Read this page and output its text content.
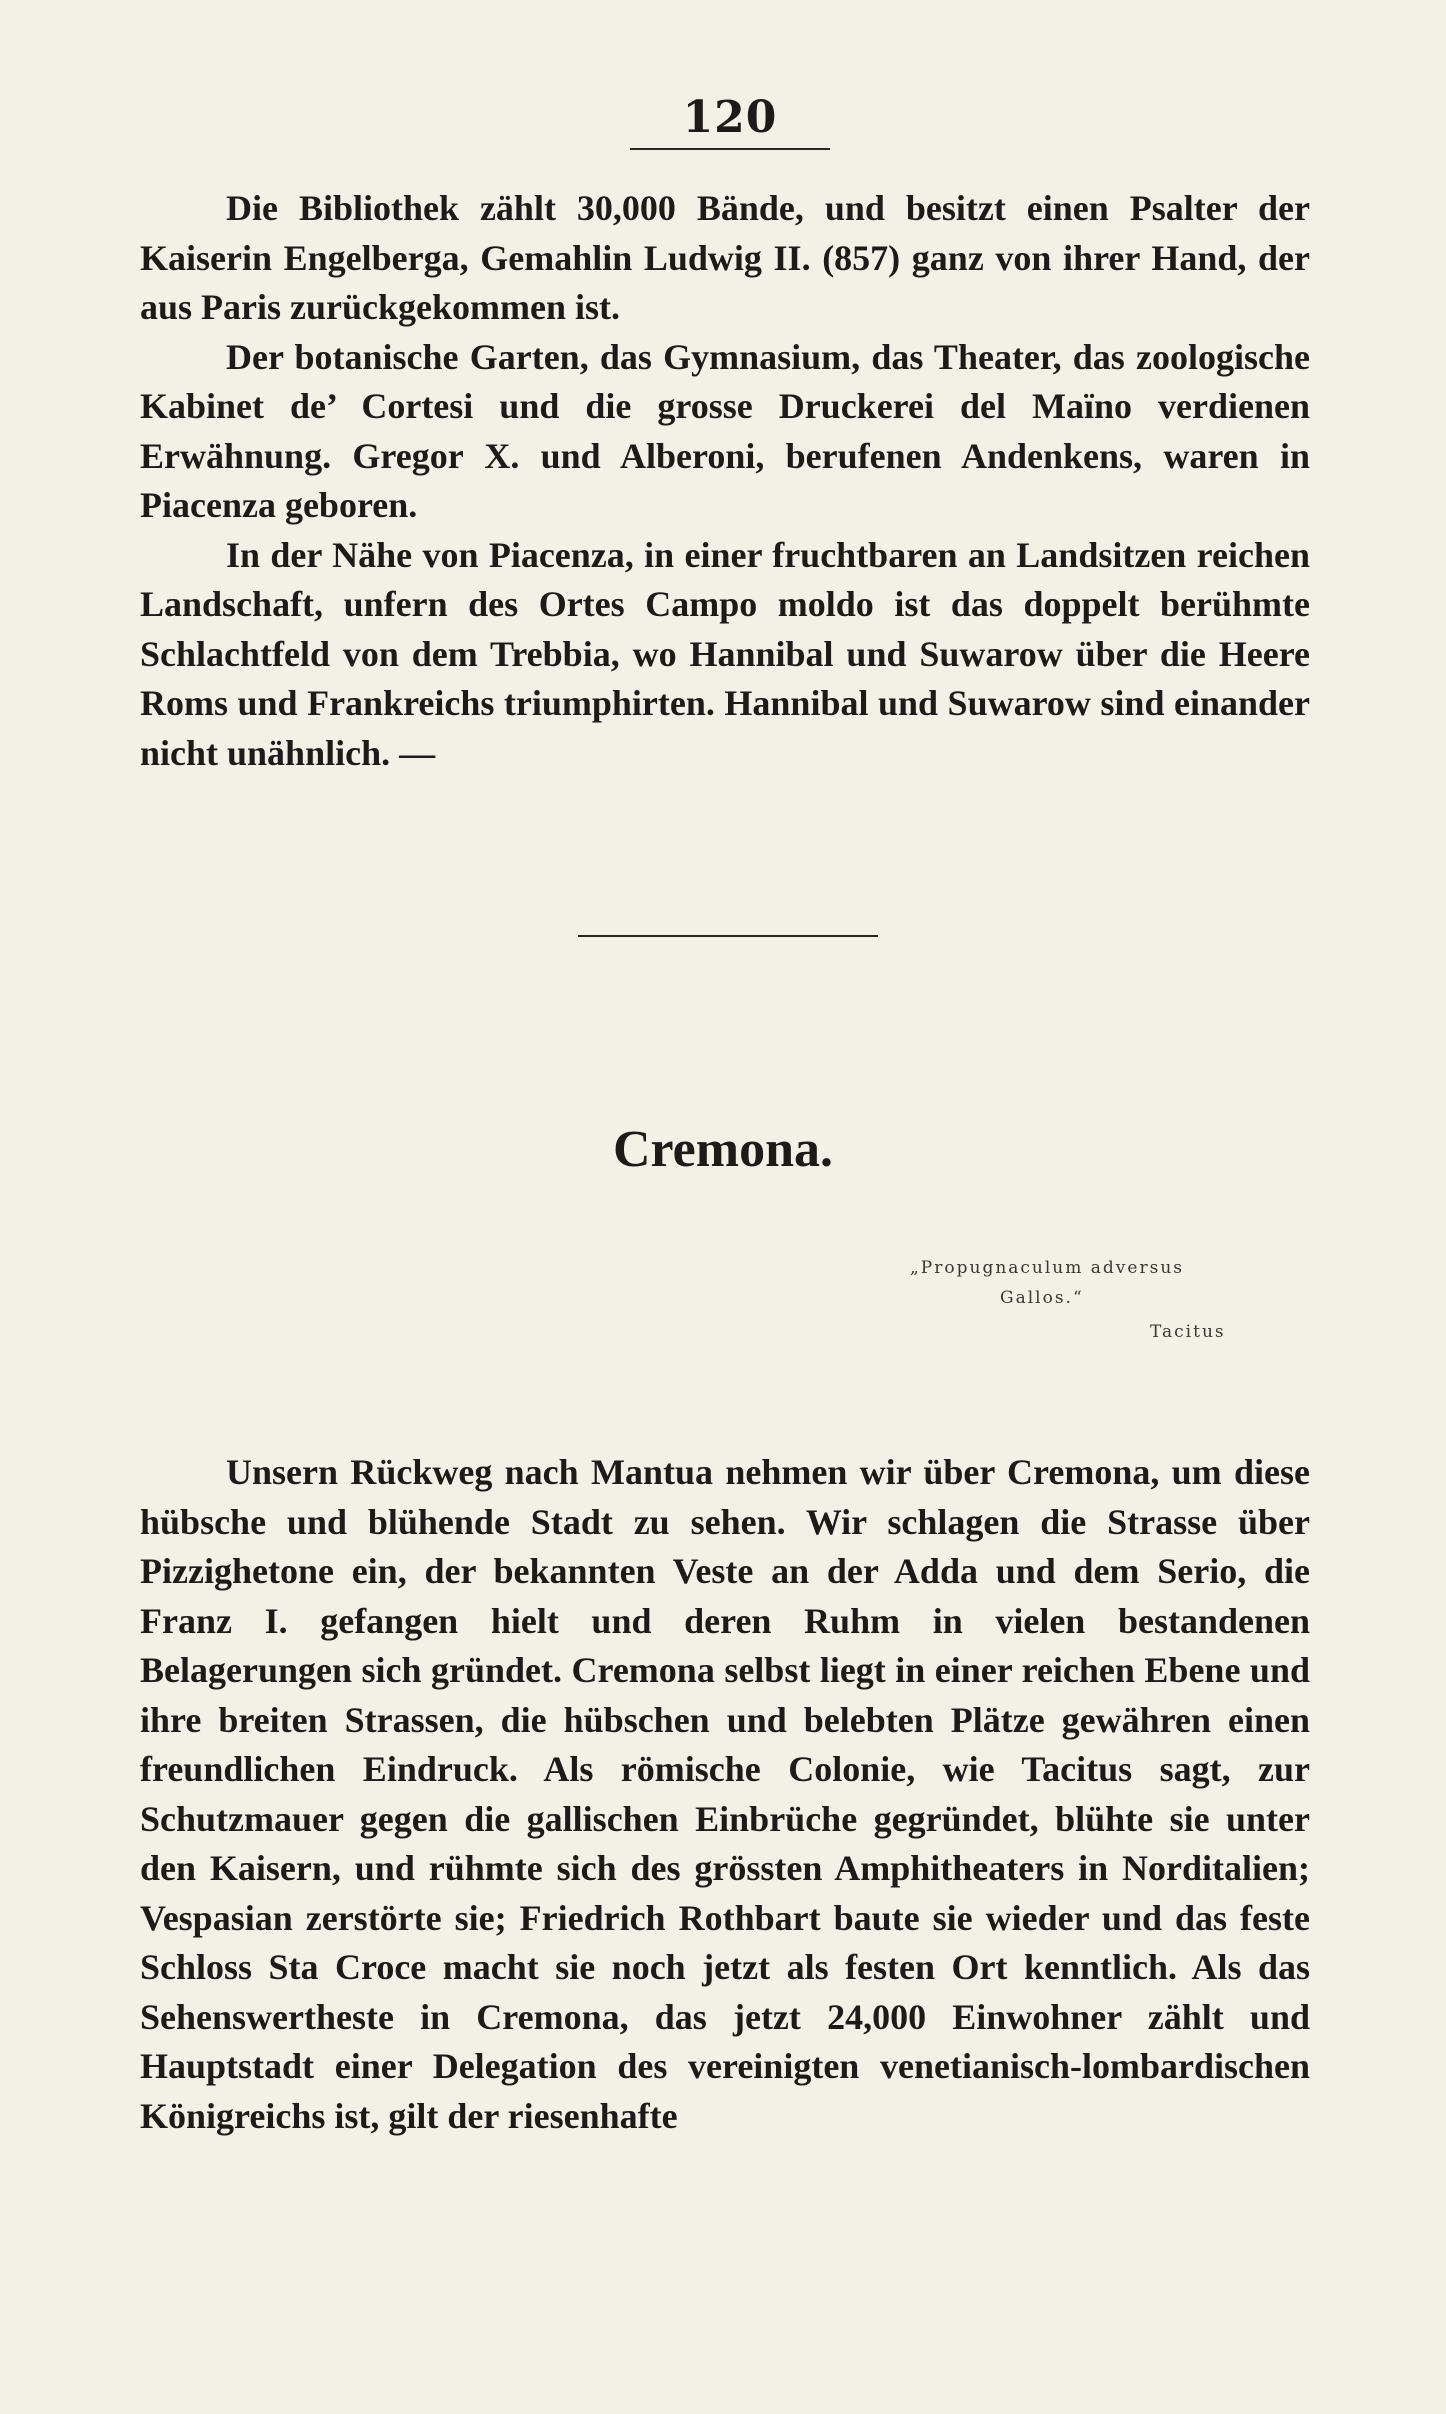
120

Die Bibliothek zählt 30,000 Bände, und besitzt einen Psalter der Kaiserin Engelberga, Gemahlin Ludwig II. (857) ganz von ihrer Hand, der aus Paris zurückgekommen ist.

Der botanische Garten, das Gymnasium, das Theater, das zoologische Kabinet de’ Cortesi und die grosse Druckerei del Maïno verdienen Erwähnung. Gregor X. und Alberoni, berufenen Andenkens, waren in Piacenza geboren.

In der Nähe von Piacenza, in einer fruchtbaren an Landsitzen reichen Landschaft, unfern des Ortes Campo moldo ist das doppelt berühmte Schlachtfeld von dem Trebbia, wo Hannibal und Suwarow über die Heere Roms und Frankreichs triumphirten. Hannibal und Suwarow sind einander nicht unähnlich. —

Cremona.
„Propugnaculum adversus
Gallos.“
Tacitus

Unsern Rückweg nach Mantua nehmen wir über Cremona, um diese hübsche und blühende Stadt zu sehen. Wir schlagen die Strasse über Pizzighetone ein, der bekannten Veste an der Adda und dem Serio, die Franz I. gefangen hielt und deren Ruhm in vielen bestandenen Belagerungen sich gründet. Cremona selbst liegt in einer reichen Ebene und ihre breiten Strassen, die hübschen und belebten Plätze gewähren einen freundlichen Eindruck. Als römische Colonie, wie Tacitus sagt, zur Schutzmauer gegen die gallischen Einbrüche gegründet, blühte sie unter den Kaisern, und rühmte sich des grössten Amphitheaters in Norditalien; Vespasian zerstörte sie; Friedrich Rothbart baute sie wieder und das feste Schloss Sta Croce macht sie noch jetzt als festen Ort kenntlich. Als das Sehenswertheste in Cremona, das jetzt 24,000 Einwohner zählt und Hauptstadt einer Delegation des vereinigten venetianisch-lombardischen Königreichs ist, gilt der riesenhafte
